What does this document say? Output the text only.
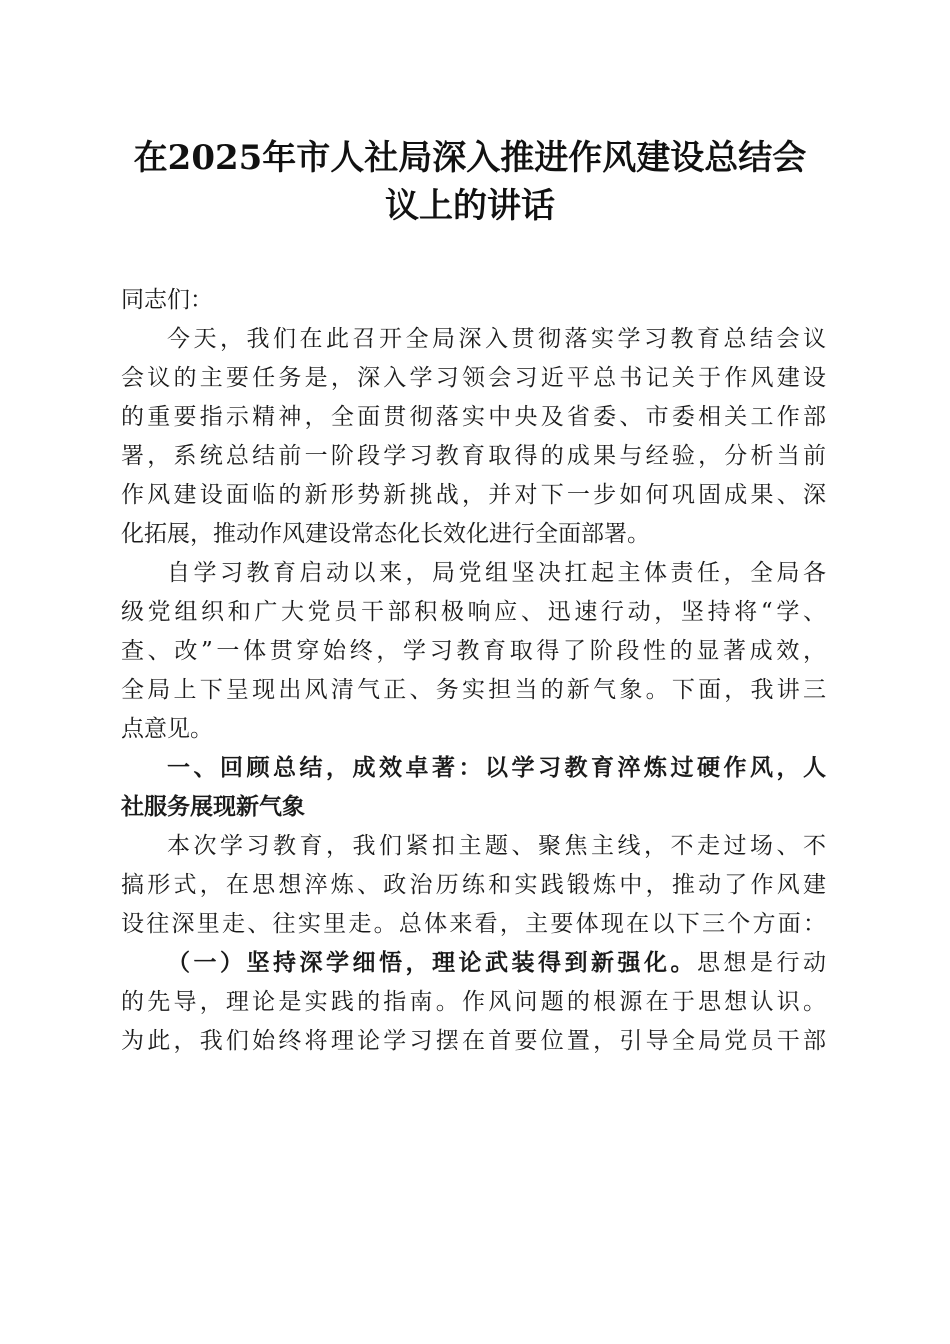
在2025年市人社局深入推进作风建设总结会
议上的讲话
同志们：
今天，我们在此召开全局深入贯彻落实学习教育总结会议
会议的主要任务是，深入学习领会习近平总书记关于作风建设
的重要指示精神，全面贯彻落实中央及省委、市委相关工作部
署，系统总结前一阶段学习教育取得的成果与经验，分析当前
作风建设面临的新形势新挑战，并对下一步如何巩固成果、深
化拓展，推动作风建设常态化长效化进行全面部署。
自学习教育启动以来，局党组坚决扛起主体责任，全局各
级党组织和广大党员干部积极响应、迅速行动，坚持将“学、
查、改”一体贯穿始终，学习教育取得了阶段性的显著成效，
全局上下呈现出风清气正、务实担当的新气象。下面，我讲三
点意见。
一、回顾总结，成效卓著：以学习教育淬炼过硬作风，人
社服务展现新气象
本次学习教育，我们紧扣主题、聚焦主线，不走过场、不
搞形式，在思想淬炼、政治历练和实践锻炼中，推动了作风建
设往深里走、往实里走。总体来看，主要体现在以下三个方面：
（一）坚持深学细悟，理论武装得到新强化。思想是行动
的先导，理论是实践的指南。作风问题的根源在于思想认识。
为此，我们始终将理论学习摆在首要位置，引导全局党员干部
